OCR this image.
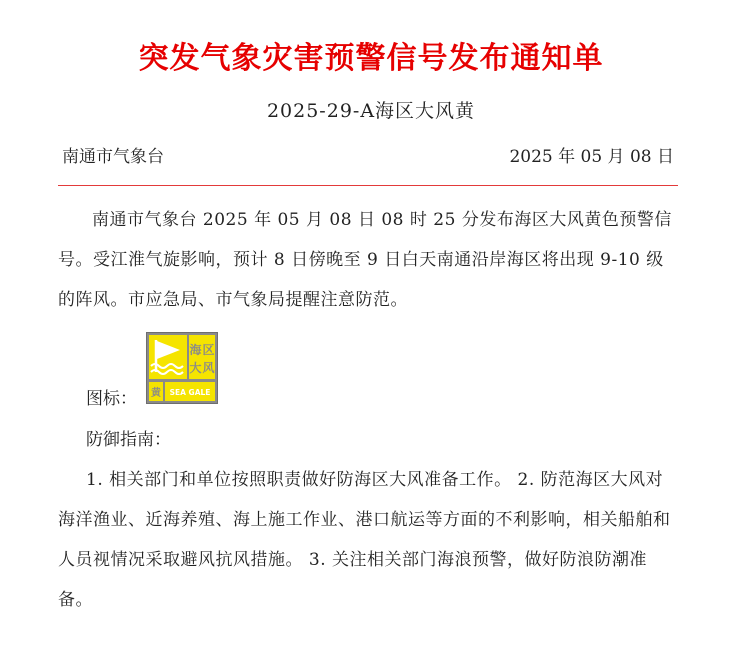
突发气象灾害预警信号发布通知单
2025-29-A海区大风黄
南通市气象台	2025 年 05 月 08 日
南通市气象台 2025 年 05 月 08 日 08 时 25 分发布海区大风黄色预警信号。受江淮气旋影响，预计 8 日傍晚至 9 日白天南通沿岸海区将出现 9-10 级的阵风。市应急局、市气象局提醒注意防范。
图标：
海 区
大 风
黄 SEA GALE
防御指南：
1. 相关部门和单位按照职责做好防海区大风准备工作。 2. 防范海区大风对海洋渔业、近海养殖、海上施工作业、港口航运等方面的不利影响，相关船舶和人员视情况采取避风抗风措施。 3. 关注相关部门海浪预警，做好防浪防潮准备。
